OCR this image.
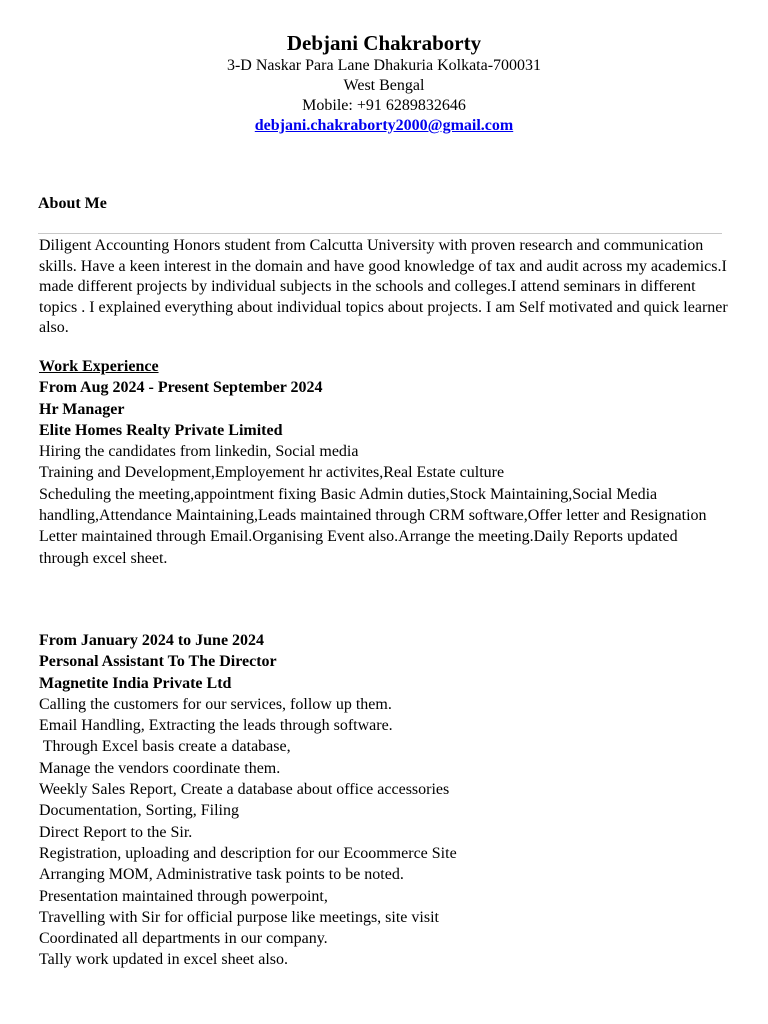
Debjani Chakraborty
3-D Naskar Para Lane Dhakuria Kolkata-700031
West Bengal
Mobile: +91 6289832646
debjani.chakraborty2000@gmail.com
About Me
Diligent Accounting Honors student from Calcutta University with proven research and communication skills. Have a keen interest in the domain and have good knowledge of tax and audit across my academics.I made different projects by individual subjects in the schools and colleges.I attend seminars in different topics . I explained everything about individual topics about projects. I am Self motivated and quick learner also.
Work Experience
From Aug 2024 - Present September 2024
Hr Manager
Elite Homes Realty Private Limited
Hiring the candidates from linkedin, Social media
Training and Development,Employement hr activites,Real Estate culture
Scheduling the meeting,appointment fixing Basic Admin duties,Stock Maintaining,Social Media handling,Attendance Maintaining,Leads maintained through CRM software,Offer letter and Resignation Letter maintained through Email.Organising Event also.Arrange the meeting.Daily Reports updated through excel sheet.
From January 2024 to June 2024
Personal Assistant To The Director
Magnetite India Private Ltd
Calling the customers for our services, follow up them.
Email Handling, Extracting the leads through software.
Through Excel basis create a database,
Manage the vendors coordinate them.
Weekly Sales Report, Create a database about office accessories
Documentation, Sorting, Filing
Direct Report to the Sir.
Registration, uploading and description for our Ecoommerce Site
Arranging MOM, Administrative task points to be noted.
Presentation maintained through powerpoint,
Travelling with Sir for official purpose like meetings, site visit
Coordinated all departments in our company.
Tally work updated in excel sheet also.
